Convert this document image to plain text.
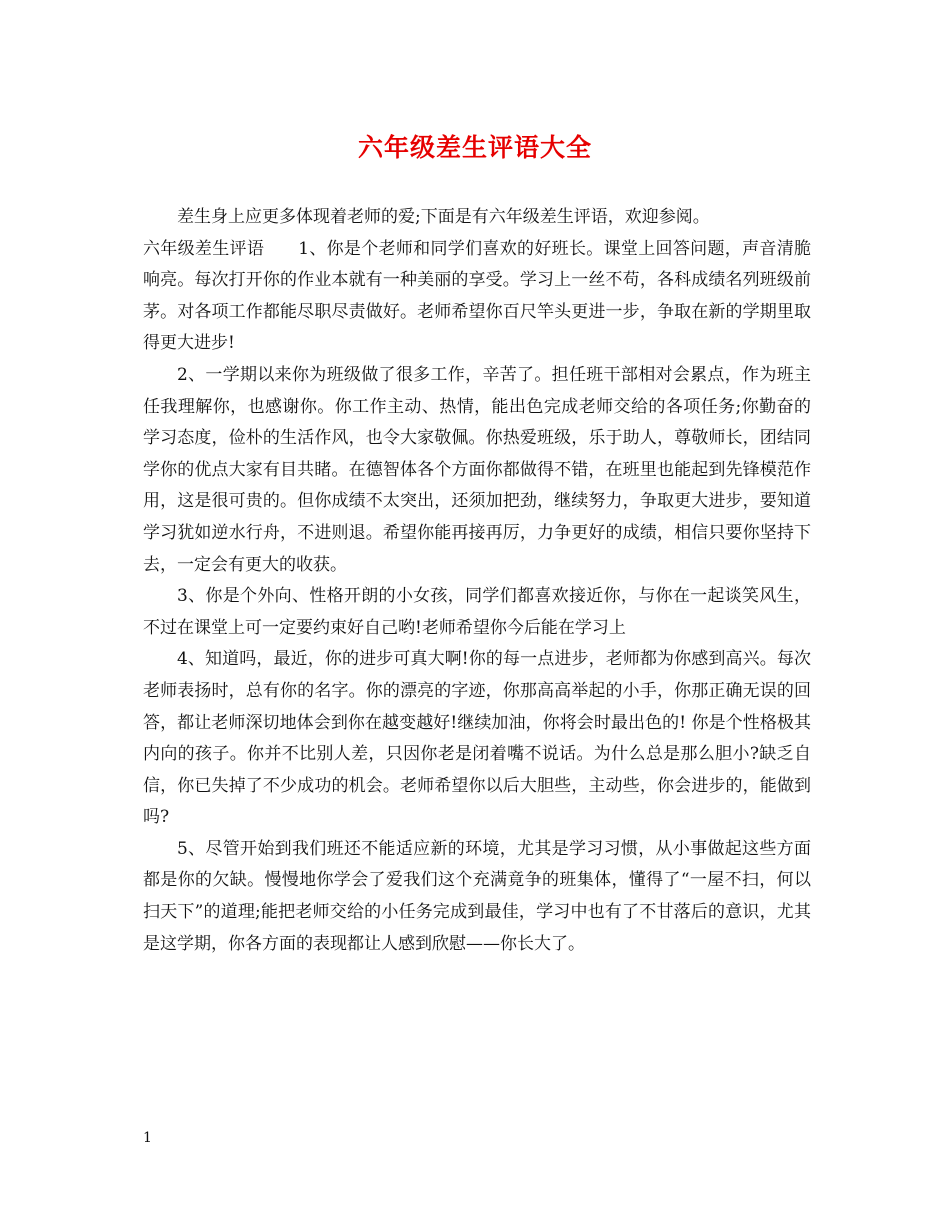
六年级差生评语大全

差生身上应更多体现着老师的爱;下面是有六年级差生评语，欢迎参阅。

六年级差生评语 1、你是个老师和同学们喜欢的好班长。课堂上回答问题，声音清脆响亮。每次打开你的作业本就有一种美丽的享受。学习上一丝不苟，各科成绩名列班级前茅。对各项工作都能尽职尽责做好。老师希望你百尺竿头更进一步，争取在新的学期里取得更大进步!

2、一学期以来你为班级做了很多工作，辛苦了。担任班干部相对会累点，作为班主任我理解你，也感谢你。你工作主动、热情，能出色完成老师交给的各项任务;你勤奋的学习态度，俭朴的生活作风，也令大家敬佩。你热爱班级，乐于助人，尊敬师长，团结同学你的优点大家有目共睹。在德智体各个方面你都做得不错，在班里也能起到先锋模范作用，这是很可贵的。但你成绩不太突出，还须加把劲，继续努力，争取更大进步，要知道学习犹如逆水行舟，不进则退。希望你能再接再厉，力争更好的成绩，相信只要你坚持下去，一定会有更大的收获。

3、你是个外向、性格开朗的小女孩，同学们都喜欢接近你，与你在一起谈笑风生，不过在课堂上可一定要约束好自己哟!老师希望你今后能在学习上

4、知道吗，最近，你的进步可真大啊!你的每一点进步，老师都为你感到高兴。每次老师表扬时，总有你的名字。你的漂亮的字迹，你那高高举起的小手，你那正确无误的回答，都让老师深切地体会到你在越变越好!继续加油，你将会时最出色的! 你是个性格极其内向的孩子。你并不比别人差，只因你老是闭着嘴不说话。为什么总是那么胆小?缺乏自信，你已失掉了不少成功的机会。老师希望你以后大胆些，主动些，你会进步的，能做到吗?

5、尽管开始到我们班还不能适应新的环境，尤其是学习习惯，从小事做起这些方面都是你的欠缺。慢慢地你学会了爱我们这个充满竟争的班集体，懂得了“一屋不扫，何以扫天下”的道理;能把老师交给的小任务完成到最佳，学习中也有了不甘落后的意识，尤其是这学期，你各方面的表现都让人感到欣慰——你长大了。

1
